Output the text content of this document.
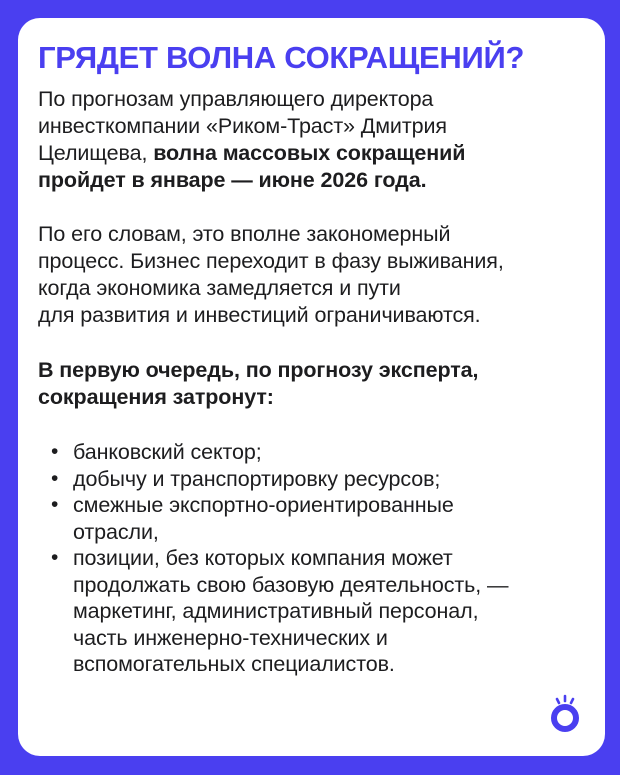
ГРЯДЕТ ВОЛНА СОКРАЩЕНИЙ?

По прогнозам управляющего директора
инвесткомпании «Риком-Траст» Дмитрия
Целищева, волна массовых сокращений
пройдет в январе — июне 2026 года.

По его словам, это вполне закономерный
процесс. Бизнес переходит в фазу выживания,
когда экономика замедляется и пути
для развития и инвестиций ограничиваются.

В первую очередь, по прогнозу эксперта,
сокращения затронут:

• банковский сектор;
• добычу и транспортировку ресурсов;
• смежные экспортно-ориентированные
отрасли,
• позиции, без которых компания может
продолжать свою базовую деятельность, —
маркетинг, административный персонал,
часть инженерно-технических и
вспомогательных специалистов.
